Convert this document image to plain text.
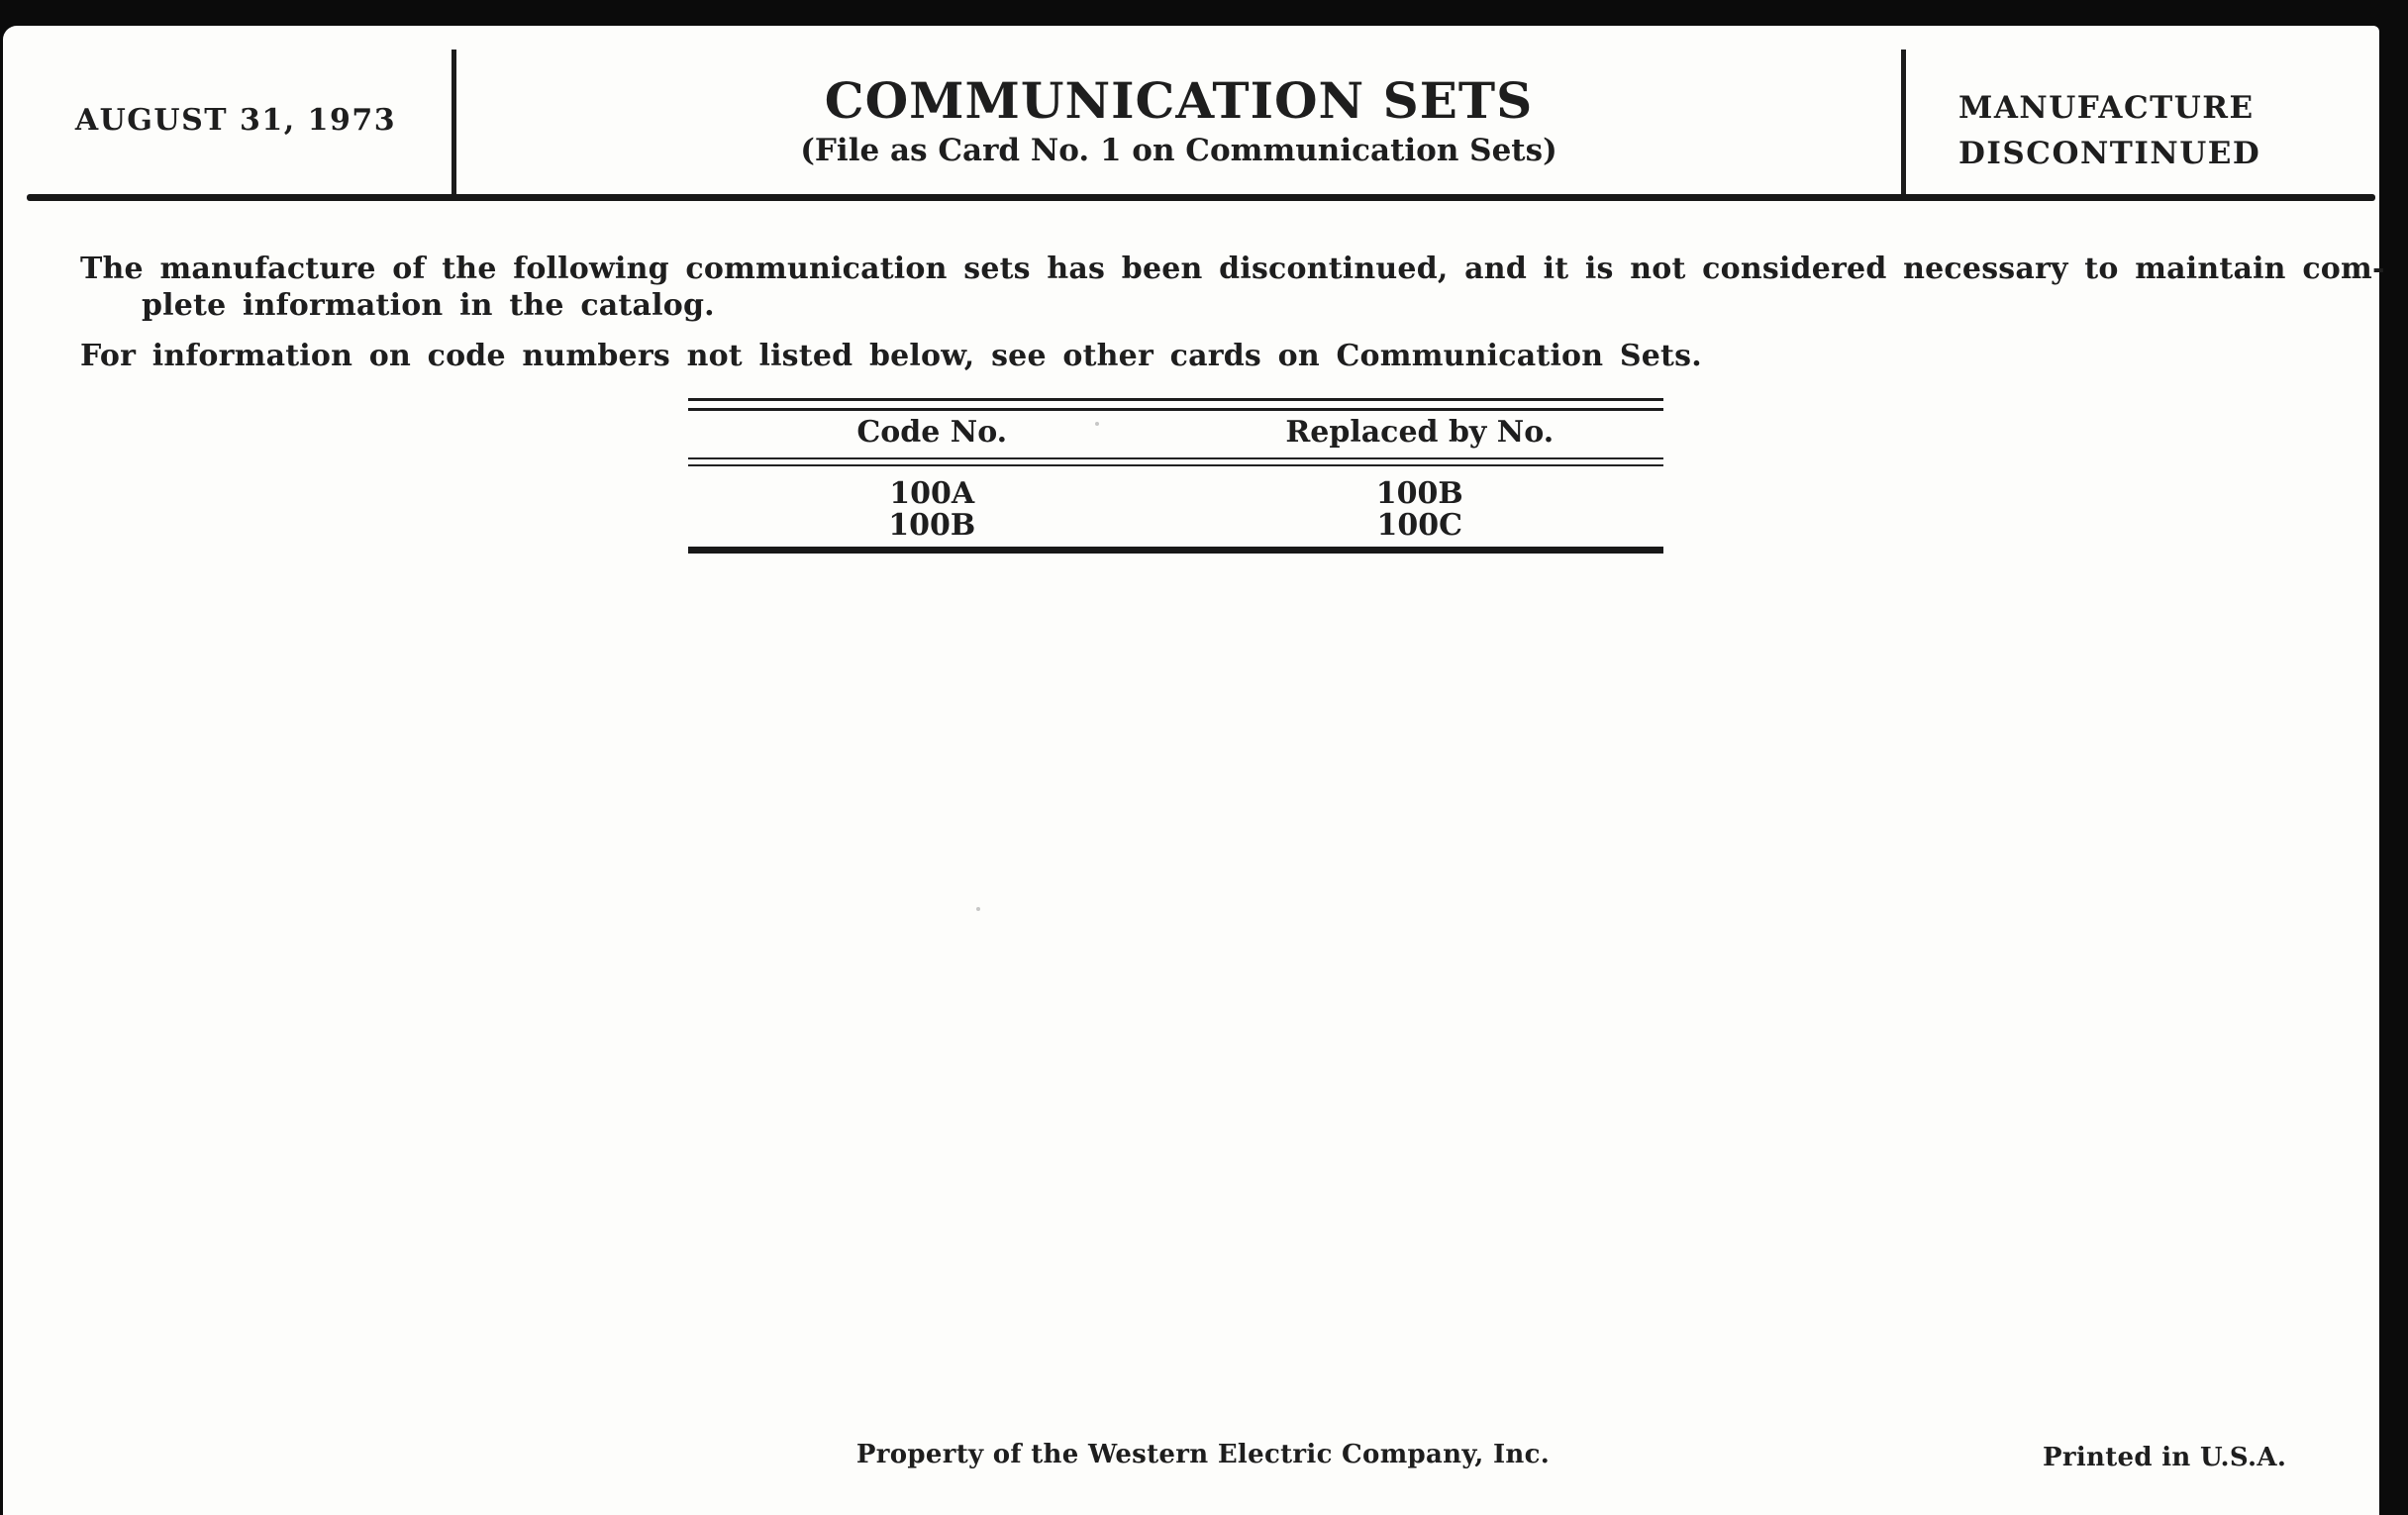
AUGUST 31, 1973	COMMUNICATION SETS
(File as Card No. 1 on Communication Sets)
MANUFACTURE
DISCONTINUED
The manufacture of the following communication sets has been discontinued, and it is not considered necessary to maintain com-
plete information in the catalog.
For information on code numbers not listed below, see other cards on Communication Sets.
Code No.	Replaced by No.
100A	100B
100B	100C
Property of the Western Electric Company, Inc.	Printed in U.S.A.
